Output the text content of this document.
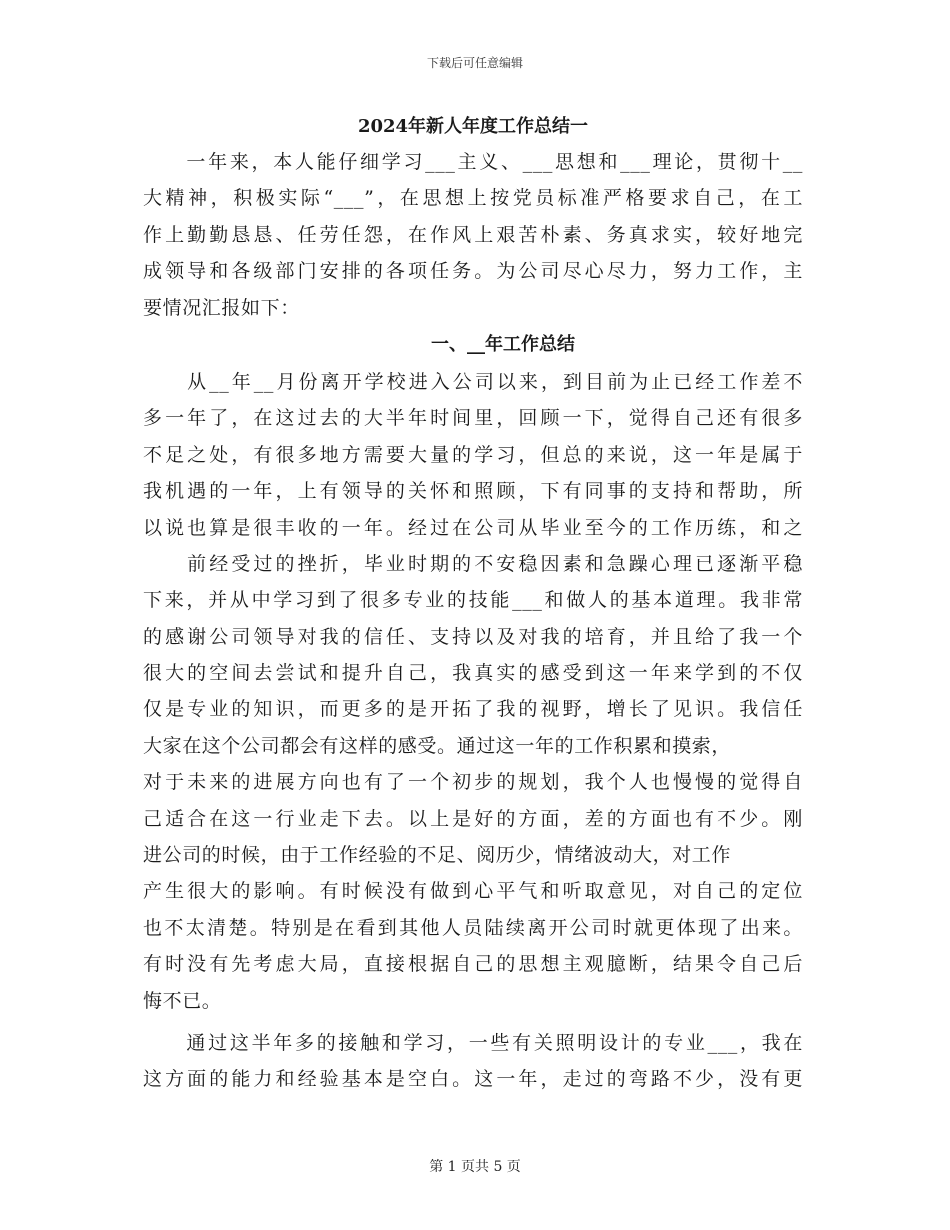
下载后可任意编辑
2024年新人年度工作总结一
　　一年来，本人能仔细学习___主义、___思想和___理论，贯彻十__
大精神，积极实际“___”，在思想上按党员标准严格要求自己，在工
作上勤勤恳恳、任劳任怨，在作风上艰苦朴素、务真求实，较好地完
成领导和各级部门安排的各项任务。为公司尽心尽力，努力工作，主
要情况汇报如下：
一、__年工作总结
　　从__年__月份离开学校进入公司以来，到目前为止已经工作差不
多一年了，在这过去的大半年时间里，回顾一下，觉得自己还有很多
不足之处，有很多地方需要大量的学习，但总的来说，这一年是属于
我机遇的一年，上有领导的关怀和照顾，下有同事的支持和帮助，所
以说也算是很丰收的一年。经过在公司从毕业至今的工作历练，和之
　　前经受过的挫折，毕业时期的不安稳因素和急躁心理已逐渐平稳
下来，并从中学习到了很多专业的技能___和做人的基本道理。我非常
的感谢公司领导对我的信任、支持以及对我的培育，并且给了我一个
很大的空间去尝试和提升自己，我真实的感受到这一年来学到的不仅
仅是专业的知识，而更多的是开拓了我的视野，增长了见识。我信任
大家在这个公司都会有这样的感受。通过这一年的工作积累和摸索，
对于未来的进展方向也有了一个初步的规划，我个人也慢慢的觉得自
己适合在这一行业走下去。以上是好的方面，差的方面也有不少。刚
进公司的时候，由于工作经验的不足、阅历少，情绪波动大，对工作
产生很大的影响。有时候没有做到心平气和听取意见，对自己的定位
也不太清楚。特别是在看到其他人员陆续离开公司时就更体现了出来。
有时没有先考虑大局，直接根据自己的思想主观臆断，结果令自己后
悔不已。
　　通过这半年多的接触和学习，一些有关照明设计的专业___，我在
这方面的能力和经验基本是空白。这一年，走过的弯路不少，没有更
第 1 页共 5 页
